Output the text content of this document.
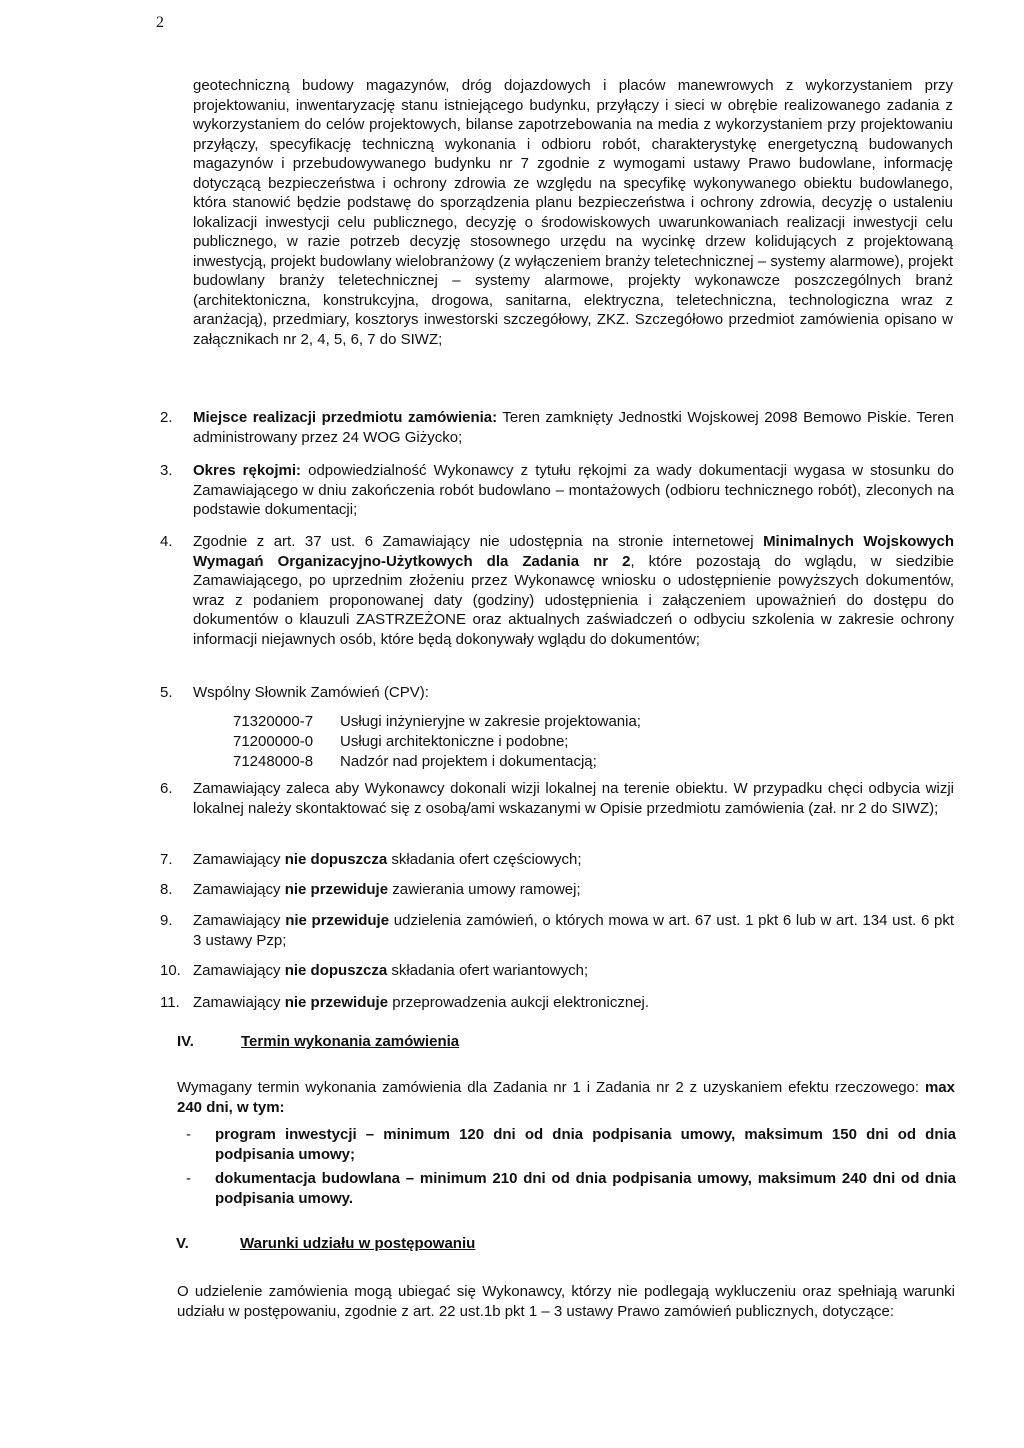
2

geotechniczną budowy magazynów, dróg dojazdowych i placów manewrowych z wykorzystaniem przy projektowaniu, inwentaryzację stanu istniejącego budynku, przyłączy i sieci w obrębie realizowanego zadania z wykorzystaniem do celów projektowych, bilanse zapotrzebowania na media z wykorzystaniem przy projektowaniu przyłączy, specyfikację techniczną wykonania i odbioru robót, charakterystykę energetyczną budowanych magazynów i przebudowywanego budynku nr 7 zgodnie z wymogami ustawy Prawo budowlane, informację dotyczącą bezpieczeństwa i ochrony zdrowia ze względu na specyfikę wykonywanego obiektu budowlanego, która stanowić będzie podstawę do sporządzenia planu bezpieczeństwa i ochrony zdrowia, decyzję o ustaleniu lokalizacji inwestycji celu publicznego, decyzję o środowiskowych uwarunkowaniach realizacji inwestycji celu publicznego, w razie potrzeb decyzję stosownego urzędu na wycinkę drzew kolidujących z projektowaną inwestycją, projekt budowlany wielobranżowy (z wyłączeniem branży teletechnicznej – systemy alarmowe), projekt budowlany branży teletechnicznej – systemy alarmowe, projekty wykonawcze poszczególnych branż (architektoniczna, konstrukcyjna, drogowa, sanitarna, elektryczna, teletechniczna, technologiczna wraz z aranżacją), przedmiary, kosztorys inwestorski szczegółowy, ZKZ. Szczegółowo przedmiot zamówienia opisano w załącznikach nr 2, 4, 5, 6, 7 do SIWZ;

2. Miejsce realizacji przedmiotu zamówienia: Teren zamknięty Jednostki Wojskowej 2098 Bemowo Piskie. Teren administrowany przez 24 WOG Giżycko;
3. Okres rękojmi: odpowiedzialność Wykonawcy z tytułu rękojmi za wady dokumentacji wygasa w stosunku do Zamawiającego w dniu zakończenia robót budowlano – montażowych (odbioru technicznego robót), zleconych na podstawie dokumentacji;
4. Zgodnie z art. 37 ust. 6 Zamawiający nie udostępnia na stronie internetowej Minimalnych Wojskowych Wymagań Organizacyjno-Użytkowych dla Zadania nr 2, które pozostają do wglądu, w siedzibie Zamawiającego, po uprzednim złożeniu przez Wykonawcę wniosku o udostępnienie powyższych dokumentów, wraz z podaniem proponowanej daty (godziny) udostępnienia i załączeniem upoważnień do dostępu do dokumentów o klauzuli ZASTRZEŻONE oraz aktualnych zaświadczeń o odbyciu szkolenia w zakresie ochrony informacji niejawnych osób, które będą dokonywały wglądu do dokumentów;
5. Wspólny Słownik Zamówień (CPV):
71320000-7 Usługi inżynieryjne w zakresie projektowania;
71200000-0 Usługi architektoniczne i podobne;
71248000-8 Nadzór nad projektem i dokumentacją;
6. Zamawiający zaleca aby Wykonawcy dokonali wizji lokalnej na terenie obiektu. W przypadku chęci odbycia wizji lokalnej należy skontaktować się z osobą/ami wskazanymi w Opisie przedmiotu zamówienia (zał. nr 2 do SIWZ);
7. Zamawiający nie dopuszcza składania ofert częściowych;
8. Zamawiający nie przewiduje zawierania umowy ramowej;
9. Zamawiający nie przewiduje udzielenia zamówień, o których mowa w art. 67 ust. 1 pkt 6 lub w art. 134 ust. 6 pkt 3 ustawy Pzp;
10. Zamawiający nie dopuszcza składania ofert wariantowych;
11. Zamawiający nie przewiduje przeprowadzenia aukcji elektronicznej.
IV.	Termin wykonania zamówienia
Wymagany termin wykonania zamówienia dla Zadania nr 1 i Zadania nr 2 z uzyskaniem efektu rzeczowego: max 240 dni, w tym:
- program inwestycji – minimum 120 dni od dnia podpisania umowy, maksimum 150 dni od dnia podpisania umowy;
- dokumentacja budowlana – minimum 210 dni od dnia podpisania umowy, maksimum 240 dni od dnia podpisania umowy.
V.	Warunki udziału w postępowaniu
O udzielenie zamówienia mogą ubiegać się Wykonawcy, którzy nie podlegają wykluczeniu oraz spełniają warunki udziału w postępowaniu, zgodnie z art. 22 ust.1b pkt 1 – 3 ustawy Prawo zamówień publicznych, dotyczące:
